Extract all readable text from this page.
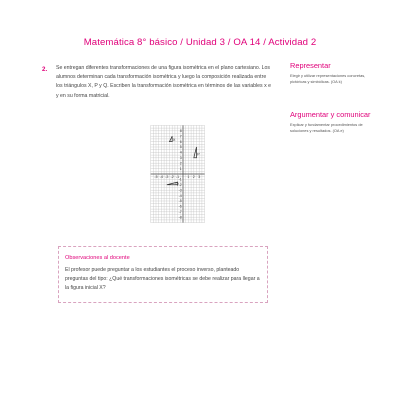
Matemática 8° básico / Unidad 3 / OA 14 / Actividad 2
2. Se entregan diferentes transformaciones de una figura isométrica en el plano cartesiano. Los alumnos determinan cada transformación isométrica y luego la composición realizada entre los triángulos X, P y Q. Escriben la transformación isométrica en términos de las variables x e y en su forma matricial.
-5 -4 -3 -2 -1 1 2 3
8
7
6
5
4
3
2
1
-1
-2
-3
-4
-5
-6
-7
-8
X
P
Q
Representar
Elegir y utilizar representaciones concretas, pictóricas y simbólicas. (OA k)
Argumentar y comunicar
Explicar y fundamentar procedimientos de soluciones y resultados. (OA e)
Observaciones al docente
El profesor puede preguntar a los estudiantes el proceso inverso, planteado preguntas del tipo: ¿Qué transformaciones isométricas se debe realizar para llegar a la figura inicial X?
